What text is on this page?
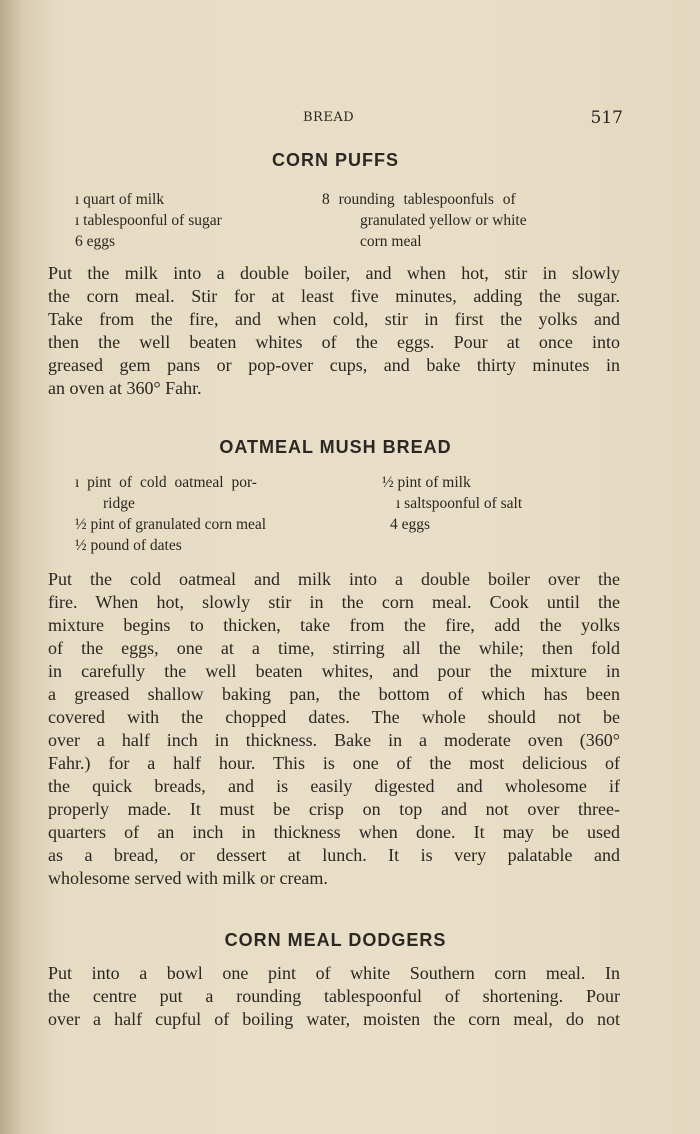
BREAD	517
CORN PUFFS
ı quart of milk
ı tablespoonful of sugar
6 eggs
8 rounding tablespoonfuls of
granulated yellow or white
corn meal
Put the milk into a double boiler, and when hot, stir in slowly
the corn meal. Stir for at least five minutes, adding the sugar.
Take from the fire, and when cold, stir in first the yolks and
then the well beaten whites of the eggs. Pour at once into
greased gem pans or pop-over cups, and bake thirty minutes in
an oven at 360° Fahr.
OATMEAL MUSH BREAD
ı pint of cold oatmeal por-
ridge
½ pint of granulated corn meal
½ pound of dates
½ pint of milk
ı saltspoonful of salt
4 eggs
Put the cold oatmeal and milk into a double boiler over the
fire. When hot, slowly stir in the corn meal. Cook until the
mixture begins to thicken, take from the fire, add the yolks
of the eggs, one at a time, stirring all the while; then fold
in carefully the well beaten whites, and pour the mixture in
a greased shallow baking pan, the bottom of which has been
covered with the chopped dates. The whole should not be
over a half inch in thickness. Bake in a moderate oven (360°
Fahr.) for a half hour. This is one of the most delicious of
the quick breads, and is easily digested and wholesome if
properly made. It must be crisp on top and not over three-
quarters of an inch in thickness when done. It may be used
as a bread, or dessert at lunch. It is very palatable and
wholesome served with milk or cream.
CORN MEAL DODGERS
Put into a bowl one pint of white Southern corn meal. In
the centre put a rounding tablespoonful of shortening. Pour
over a half cupful of boiling water, moisten the corn meal, do not
